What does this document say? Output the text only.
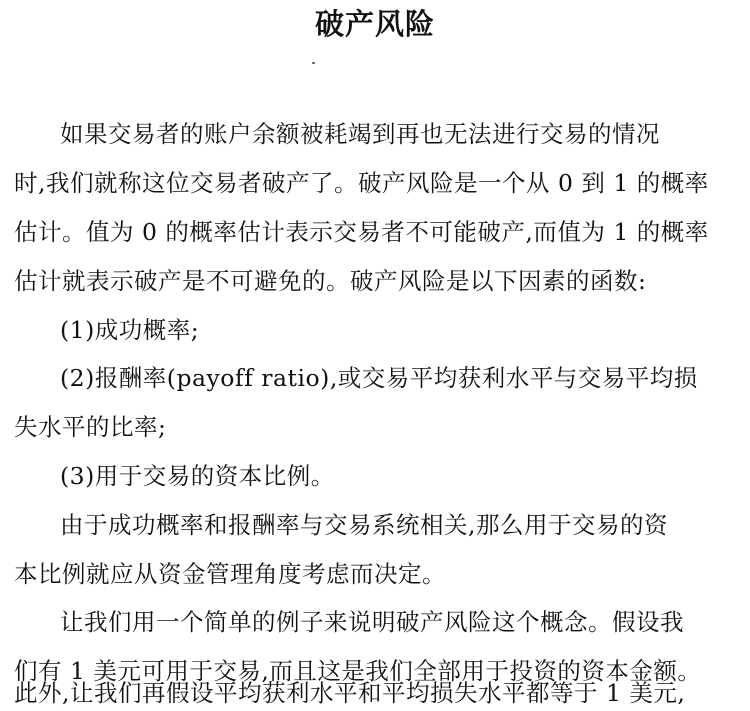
破产风险
如果交易者的账户余额被耗竭到再也无法进行交易的情况
时,我们就称这位交易者破产了。破产风险是一个从 0 到 1 的概率
估计。值为 0 的概率估计表示交易者不可能破产,而值为 1 的概率
估计就表示破产是不可避免的。破产风险是以下因素的函数:
(1)成功概率;
(2)报酬率(payoff ratio),或交易平均获利水平与交易平均损
失水平的比率;
(3)用于交易的资本比例。
由于成功概率和报酬率与交易系统相关,那么用于交易的资
本比例就应从资金管理角度考虑而决定。
让我们用一个简单的例子来说明破产风险这个概念。假设我
们有 1 美元可用于交易,而且这是我们全部用于投资的资本金额。
此外,让我们再假设平均获利水平和平均损失水平都等于 1 美元,
